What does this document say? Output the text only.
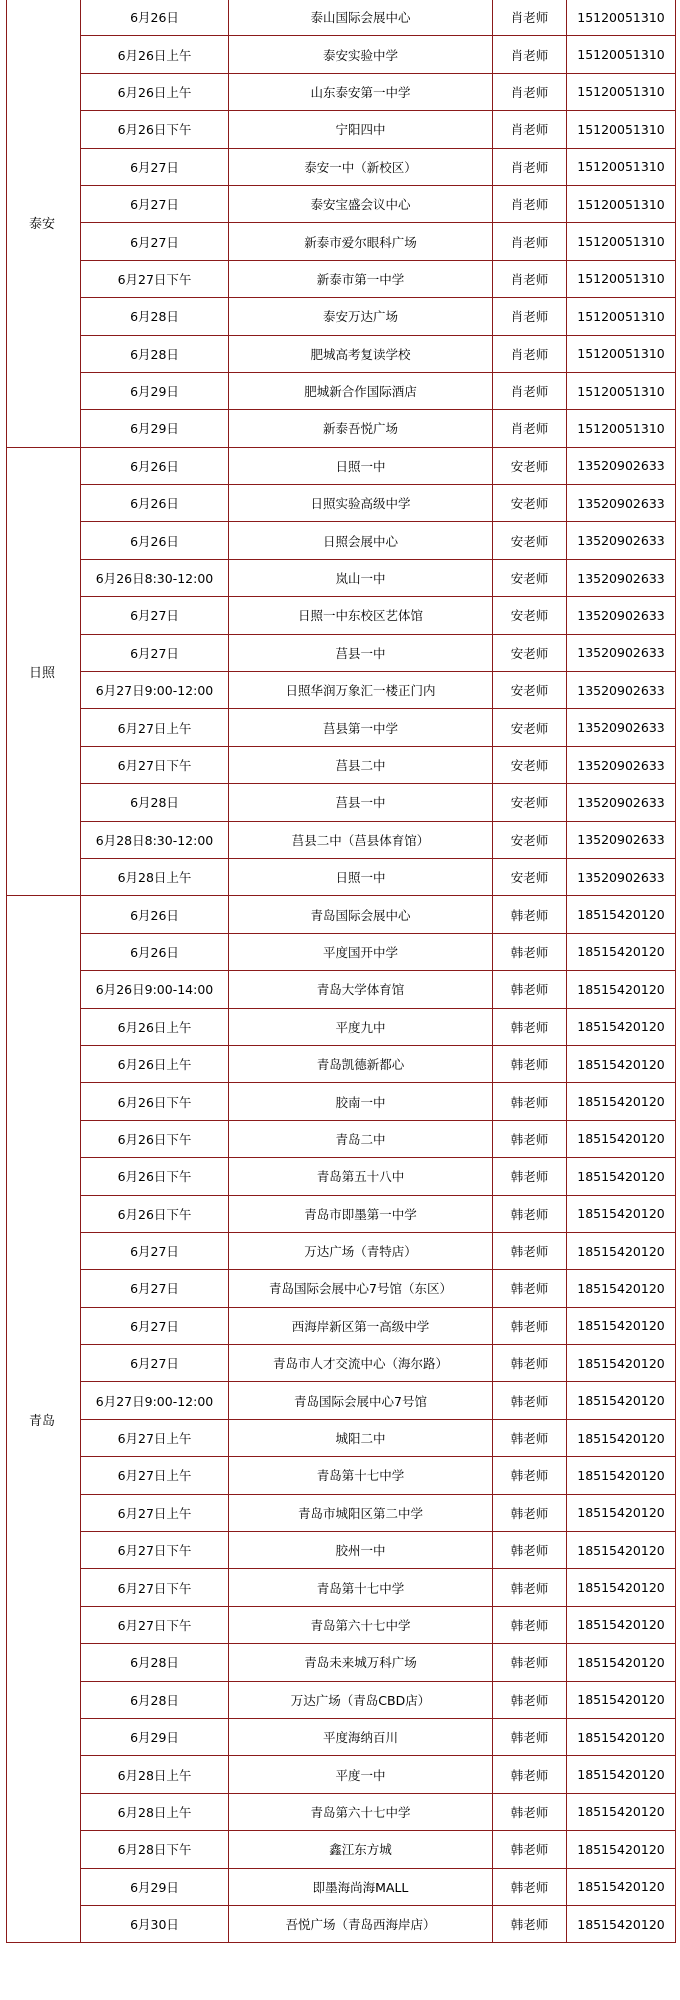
泰安	6月26日	泰山国际会展中心	肖老师	15120051310
	6月26日上午	泰安实验中学	肖老师	15120051310
	6月26日上午	山东泰安第一中学	肖老师	15120051310
	6月26日下午	宁阳四中	肖老师	15120051310
	6月27日	泰安一中（新校区）	肖老师	15120051310
	6月27日	泰安宝盛会议中心	肖老师	15120051310
	6月27日	新泰市爱尔眼科广场	肖老师	15120051310
	6月27日下午	新泰市第一中学	肖老师	15120051310
	6月28日	泰安万达广场	肖老师	15120051310
	6月28日	肥城高考复读学校	肖老师	15120051310
	6月29日	肥城新合作国际酒店	肖老师	15120051310
	6月29日	新泰吾悦广场	肖老师	15120051310
日照	6月26日	日照一中	安老师	13520902633
	6月26日	日照实验高级中学	安老师	13520902633
	6月26日	日照会展中心	安老师	13520902633
	6月26日8:30-12:00	岚山一中	安老师	13520902633
	6月27日	日照一中东校区艺体馆	安老师	13520902633
	6月27日	莒县一中	安老师	13520902633
	6月27日9:00-12:00	日照华润万象汇一楼正门内	安老师	13520902633
	6月27日上午	莒县第一中学	安老师	13520902633
	6月27日下午	莒县二中	安老师	13520902633
	6月28日	莒县一中	安老师	13520902633
	6月28日8:30-12:00	莒县二中（莒县体育馆）	安老师	13520902633
	6月28日上午	日照一中	安老师	13520902633
青岛	6月26日	青岛国际会展中心	韩老师	18515420120
	6月26日	平度国开中学	韩老师	18515420120
	6月26日9:00-14:00	青岛大学体育馆	韩老师	18515420120
	6月26日上午	平度九中	韩老师	18515420120
	6月26日上午	青岛凯德新都心	韩老师	18515420120
	6月26日下午	胶南一中	韩老师	18515420120
	6月26日下午	青岛二中	韩老师	18515420120
	6月26日下午	青岛第五十八中	韩老师	18515420120
	6月26日下午	青岛市即墨第一中学	韩老师	18515420120
	6月27日	万达广场（青特店）	韩老师	18515420120
	6月27日	青岛国际会展中心7号馆（东区）	韩老师	18515420120
	6月27日	西海岸新区第一高级中学	韩老师	18515420120
	6月27日	青岛市人才交流中心（海尔路）	韩老师	18515420120
	6月27日9:00-12:00	青岛国际会展中心7号馆	韩老师	18515420120
	6月27日上午	城阳二中	韩老师	18515420120
	6月27日上午	青岛第十七中学	韩老师	18515420120
	6月27日上午	青岛市城阳区第二中学	韩老师	18515420120
	6月27日下午	胶州一中	韩老师	18515420120
	6月27日下午	青岛第十七中学	韩老师	18515420120
	6月27日下午	青岛第六十七中学	韩老师	18515420120
	6月28日	青岛未来城万科广场	韩老师	18515420120
	6月28日	万达广场（青岛CBD店）	韩老师	18515420120
	6月29日	平度海纳百川	韩老师	18515420120
	6月28日上午	平度一中	韩老师	18515420120
	6月28日上午	青岛第六十七中学	韩老师	18515420120
	6月28日下午	鑫江东方城	韩老师	18515420120
	6月29日	即墨海尚海MALL	韩老师	18515420120
	6月30日	吾悦广场（青岛西海岸店）	韩老师	18515420120
